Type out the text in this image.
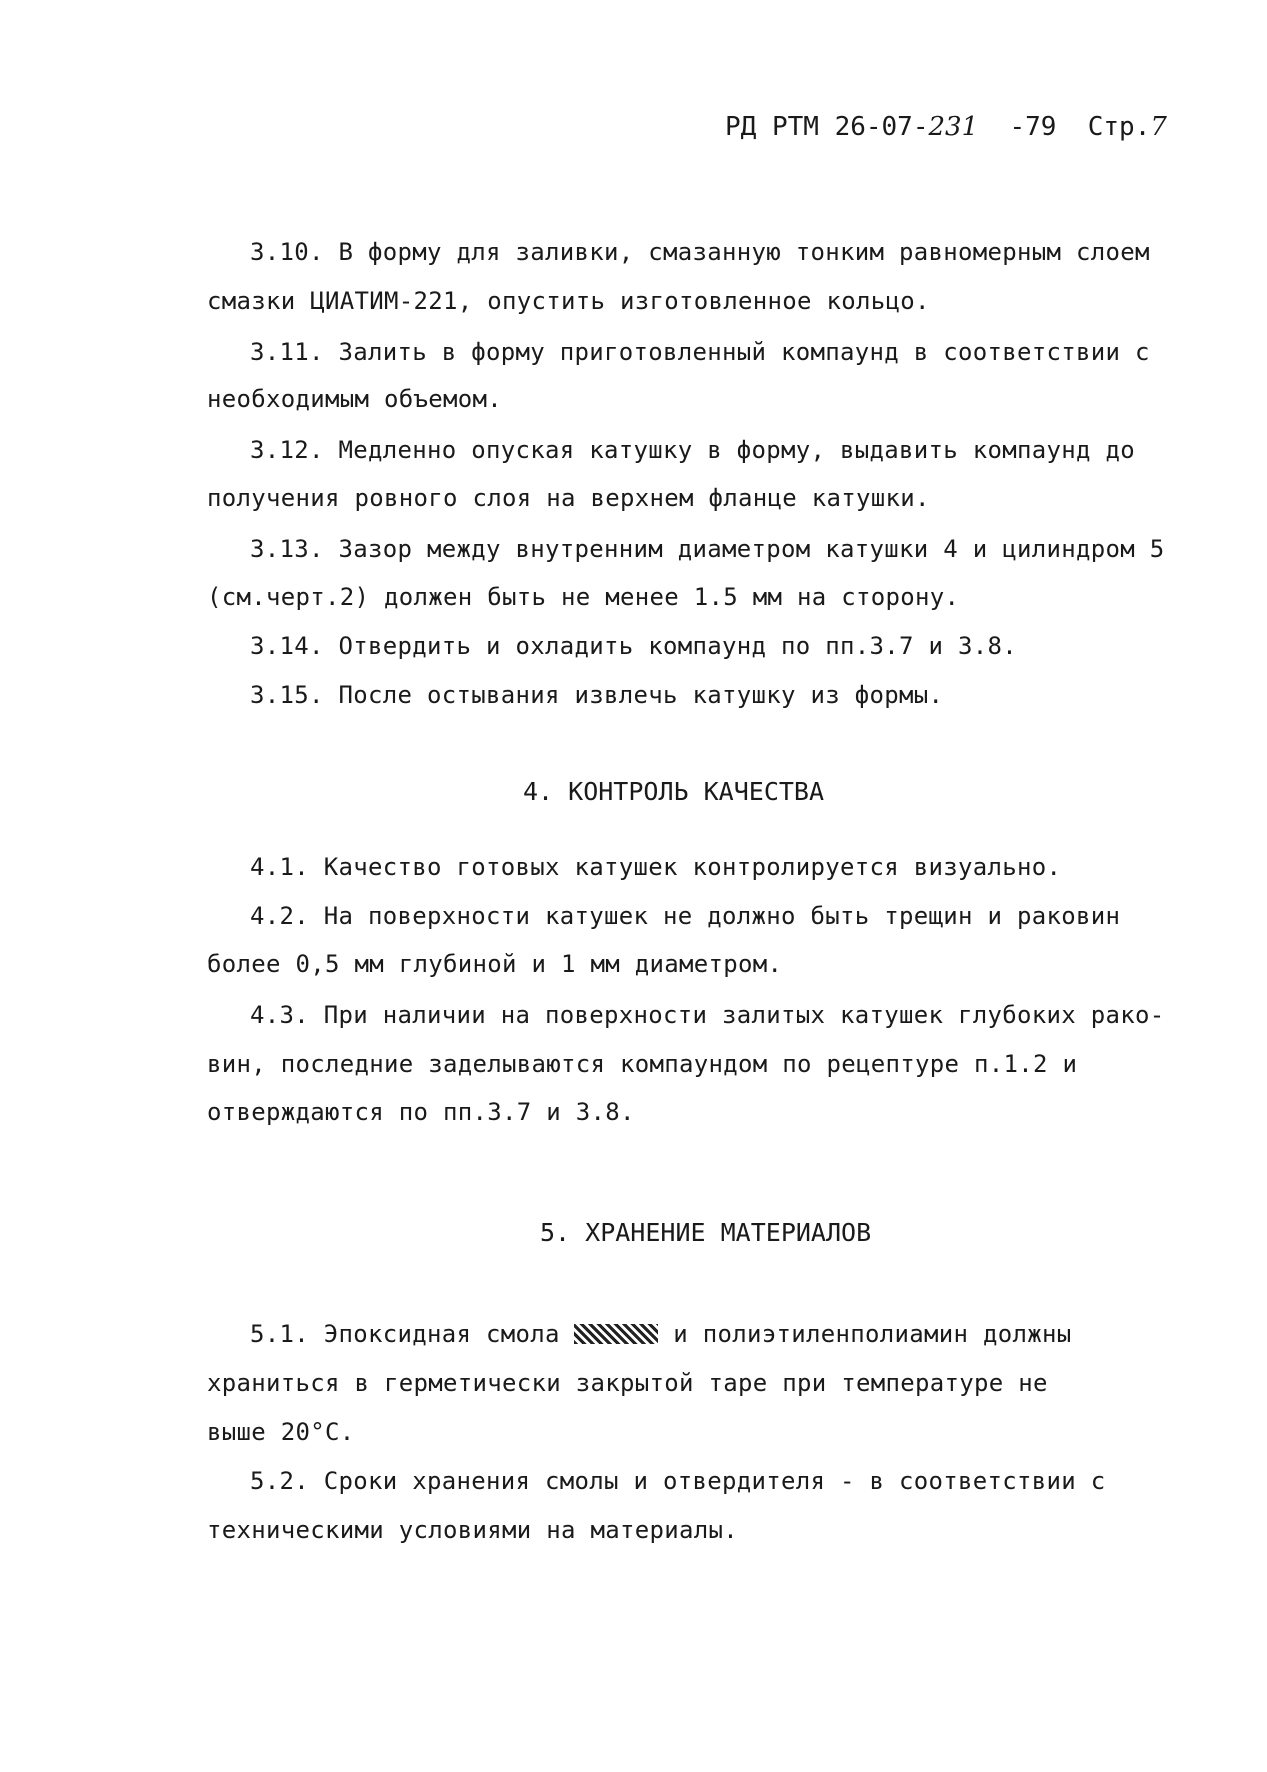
РД РТМ 26-07-231 -79 Стр.7
3.10. В форму для заливки, смазанную тонким равномерным слоем
смазки ЦИАТИМ-221, опустить изготовленное кольцо.
3.11. Залить в форму приготовленный компаунд в соответствии с
необходимым объемом.
3.12. Медленно опуская катушку в форму, выдавить компаунд до
получения ровного слоя на верхнем фланце катушки.
3.13. Зазор между внутренним диаметром катушки 4 и цилиндром 5
(см.черт.2) должен быть не менее 1.5 мм на сторону.
3.14. Отвердить и охладить компаунд по пп.3.7 и 3.8.
3.15. После остывания извлечь катушку из формы.
4. КОНТРОЛЬ КАЧЕСТВА
4.1. Качество готовых катушек контролируется визуально.
4.2. На поверхности катушек не должно быть трещин и раковин
более 0,5 мм глубиной и 1 мм диаметром.
4.3. При наличии на поверхности залитых катушек глубоких рако-
вин, последние заделываются компаундом по рецептуре п.1.2 и
отверждаются по пп.3.7 и 3.8.
5. ХРАНЕНИЕ МАТЕРИАЛОВ
5.1. Эпоксидная смола	и полиэтиленполиамин должны
храниться в герметически закрытой таре при температуре не
выше 20°С.
5.2. Сроки хранения смолы и отвердителя - в соответствии с
техническими условиями на материалы.
